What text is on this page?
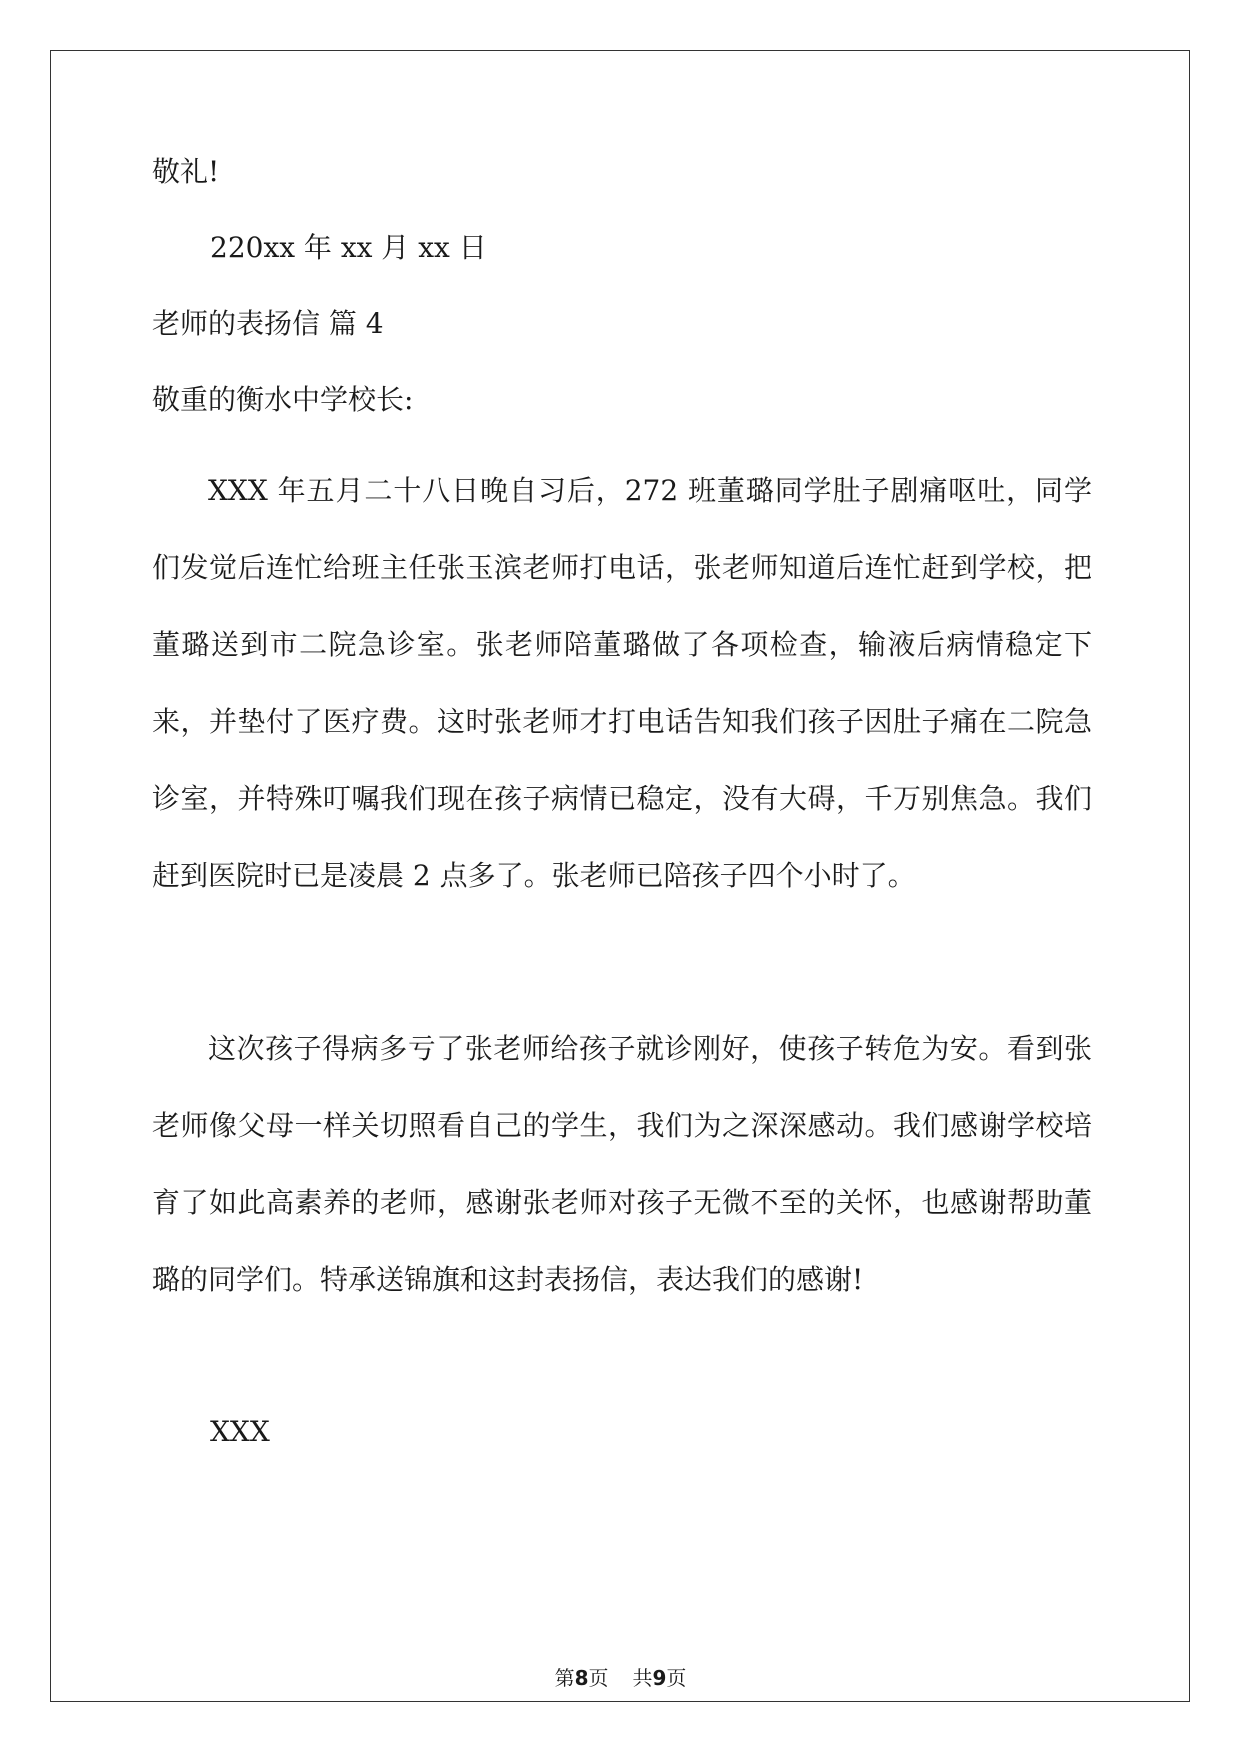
敬礼!
220xx 年 xx 月 xx 日
老师的表扬信 篇 4
敬重的衡水中学校长:

XXX 年五月二十八日晚自习后，272 班董璐同学肚子剧痛呕吐，同学们发觉后连忙给班主任张玉滨老师打电话，张老师知道后连忙赶到学校，把董璐送到市二院急诊室。张老师陪董璐做了各项检查，输液后病情稳定下来，并垫付了医疗费。这时张老师才打电话告知我们孩子因肚子痛在二院急诊室，并特殊叮嘱我们现在孩子病情已稳定，没有大碍，千万别焦急。我们赶到医院时已是凌晨 2 点多了。张老师已陪孩子四个小时了。

这次孩子得病多亏了张老师给孩子就诊刚好，使孩子转危为安。看到张老师像父母一样关切照看自己的学生，我们为之深深感动。我们感谢学校培育了如此高素养的老师，感谢张老师对孩子无微不至的关怀，也感谢帮助董璐的同学们。特承送锦旗和这封表扬信，表达我们的感谢!

XXX
第8页 共9页
